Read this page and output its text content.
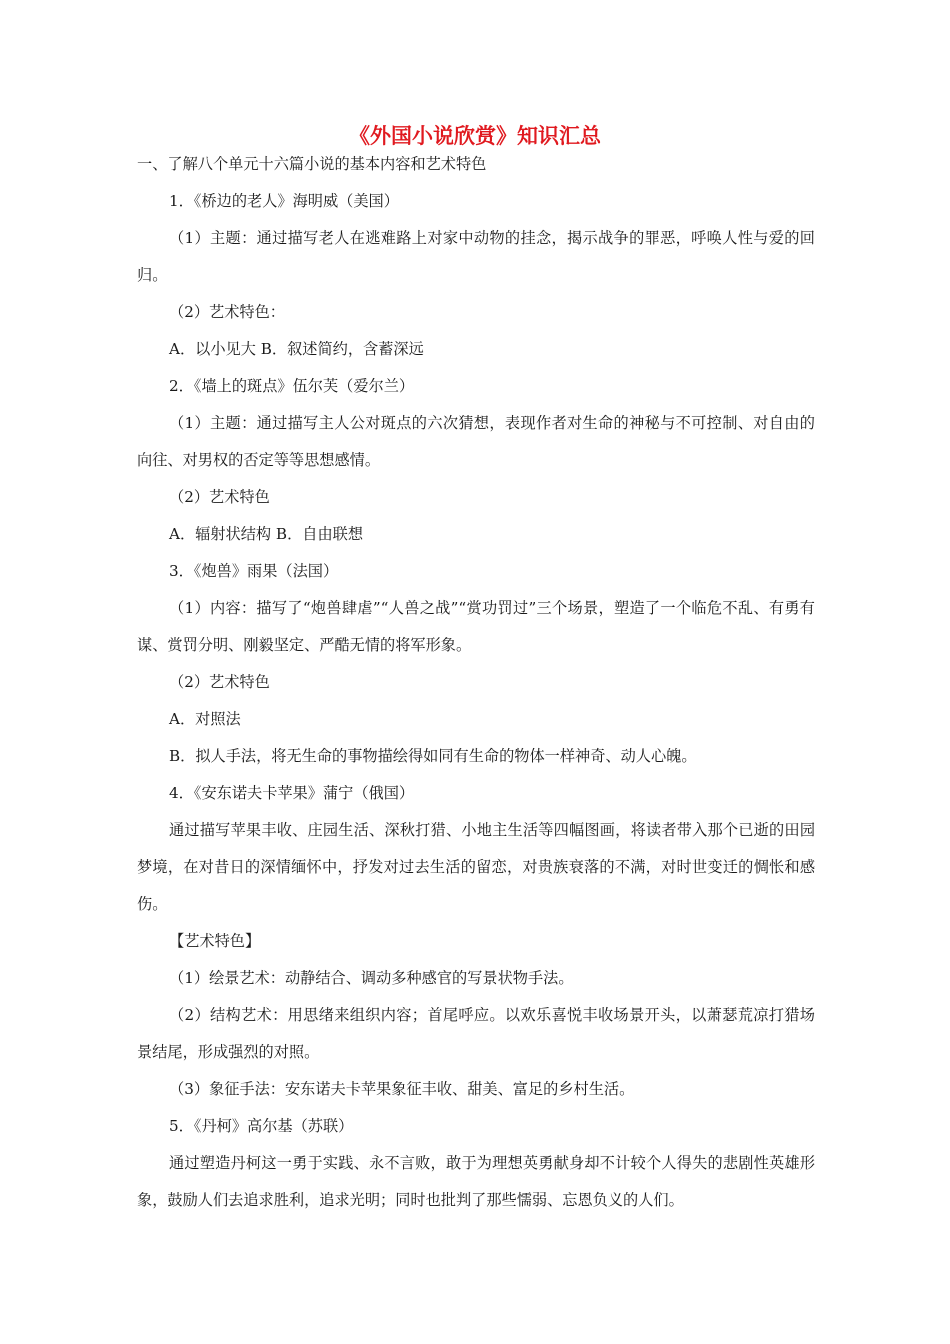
《外国小说欣赏》知识汇总

一、了解八个单元十六篇小说的基本内容和艺术特色

1．《桥边的老人》海明威（美国）

（1）主题：通过描写老人在逃难路上对家中动物的挂念，揭示战争的罪恶，呼唤人性与爱的回归。

（2）艺术特色：

A．以小见大 B．叙述简约，含蓄深远

2．《墙上的斑点》伍尔芙（爱尔兰）

（1）主题：通过描写主人公对斑点的六次猜想，表现作者对生命的神秘与不可控制、对自由的向往、对男权的否定等等思想感情。

（2）艺术特色

A．辐射状结构 B．自由联想

3．《炮兽》雨果（法国）

（1）内容：描写了“炮兽肆虐”“人兽之战”“赏功罚过”三个场景，塑造了一个临危不乱、有勇有谋、赏罚分明、刚毅坚定、严酷无情的将军形象。

（2）艺术特色

A．对照法

B．拟人手法，将无生命的事物描绘得如同有生命的物体一样神奇、动人心魄。

4．《安东诺夫卡苹果》蒲宁（俄国）

通过描写苹果丰收、庄园生活、深秋打猎、小地主生活等四幅图画，将读者带入那个已逝的田园梦境，在对昔日的深情缅怀中，抒发对过去生活的留恋，对贵族衰落的不满，对时世变迁的惆怅和感伤。

【艺术特色】

（1）绘景艺术：动静结合、调动多种感官的写景状物手法。

（2）结构艺术：用思绪来组织内容；首尾呼应。以欢乐喜悦丰收场景开头，以萧瑟荒凉打猎场景结尾，形成强烈的对照。

（3）象征手法：安东诺夫卡苹果象征丰收、甜美、富足的乡村生活。

5．《丹柯》高尔基（苏联）

通过塑造丹柯这一勇于实践、永不言败，敢于为理想英勇献身却不计较个人得失的悲剧性英雄形象，鼓励人们去追求胜利，追求光明；同时也批判了那些懦弱、忘恩负义的人们。
